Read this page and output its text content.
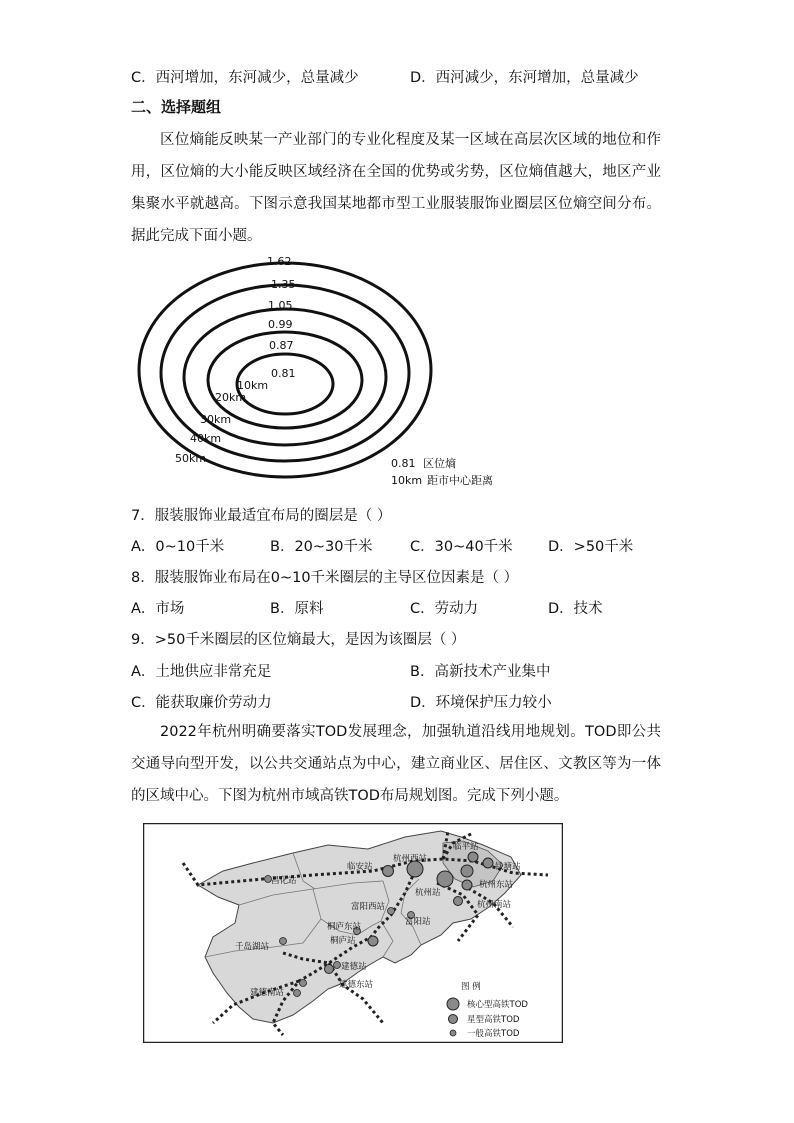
C．西河增加，东河减少，总量减少	D．西河减少，东河增加，总量减少
二、选择题组
区位熵能反映某一产业部门的专业化程度及某一区域在高层次区域的地位和作用，区位熵的大小能反映区域经济在全国的优势或劣势，区位熵值越大，地区产业集聚水平就越高。下图示意我国某地都市型工业服装服饰业圈层区位熵空间分布。据此完成下面小题。
1.62
1.35
1.05
0.99
0.87
0.81
10km
20km
30km
40km
50km	0.81 区位熵
10km 距市中心距离
7．服装服饰业最适宜布局的圈层是（ ）
A．0~10千米	B．20~30千米	C．30~40千米 D．>50千米
8．服装服饰业布局在0~10千米圈层的主导区位因素是（ ）
A．市场	B．原料	C．劳动力	D．技术
9．>50千米圈层的区位熵最大，是因为该圈层（ ）
A．土地供应非常充足	B．高新技术产业集中
C．能获取廉价劳动力	D．环境保护压力较小
2022年杭州明确要落实TOD发展理念，加强轨道沿线用地规划。TOD即公共交通导向型开发，以公共交通站点为中心，建立商业区、居住区、文教区等为一体的区域中心。下图为杭州市域高铁TOD布局规划图。完成下列小题。
临平站
杭州西站
临安站	钱塘站
昌化站	杭州东站
杭州站
杭州南站
富阳西站
富阳站
桐庐东站
桐庐站
千岛湖站
建德站
建德南站
建德东站	图 例
核心型高铁TOD
星型高铁TOD
一般高铁TOD
